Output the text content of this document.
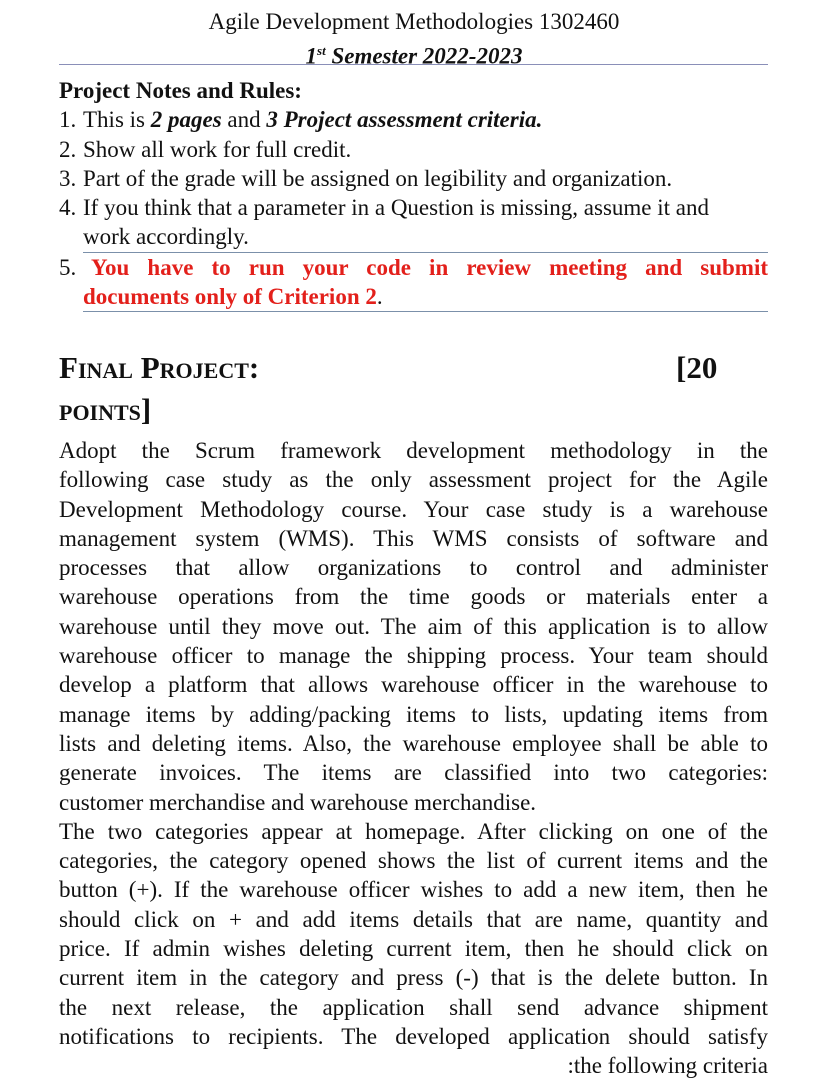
Agile Development Methodologies 1302460
1st Semester 2022-2023

Project Notes and Rules:

1. This is 2 pages and 3 Project assessment criteria.

2. Show all work for full credit.

3. Part of the grade will be assigned on legibility and organization.

4. If you think that a parameter in a Question is missing, assume it and

work accordingly.

5. You have to run your code in review meeting and submit

documents only of Criterion 2.

Final Project:	[20
POINTS]

Adopt the Scrum framework development methodology in the

following case study as the only assessment project for the Agile

Development Methodology course. Your case study is a warehouse

management system (WMS). This WMS consists of software and

processes that allow organizations to control and administer

warehouse operations from the time goods or materials enter a

warehouse until they move out. The aim of this application is to allow

warehouse officer to manage the shipping process. Your team should

develop a platform that allows warehouse officer in the warehouse to

manage items by adding/packing items to lists, updating items from

lists and deleting items. Also, the warehouse employee shall be able to

generate invoices. The items are classified into two categories:

customer merchandise and warehouse merchandise.

The two categories appear at homepage. After clicking on one of the

categories, the category opened shows the list of current items and the

button (+). If the warehouse officer wishes to add a new item, then he

should click on + and add items details that are name, quantity and

price. If admin wishes deleting current item, then he should click on

current item in the category and press (-) that is the delete button. In

the next release, the application shall send advance shipment

notifications to recipients. The developed application should satisfy

:the following criteria
